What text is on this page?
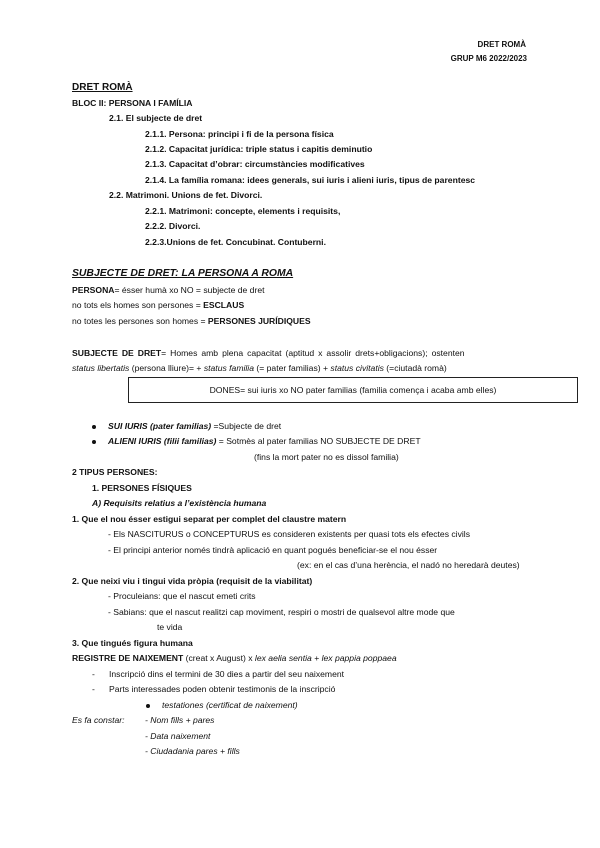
DRET ROMÀ
GRUP M6 2022/2023
DRET ROMÀ
BLOC II: PERSONA I FAMÍLIA
2.1. El subjecte de dret
2.1.1. Persona: principi i fi de la persona física
2.1.2. Capacitat jurídica: triple status i capitis deminutio
2.1.3. Capacitat d’obrar: circumstàncies modificatives
2.1.4. La família romana: idees generals, sui iuris i alieni iuris, tipus de parentesc
2.2. Matrimoni. Unions de fet. Divorci.
2.2.1. Matrimoni: concepte, elements i requisits,
2.2.2. Divorci.
2.2.3.Unions de fet. Concubinat. Contuberni.
SUBJECTE DE DRET: LA PERSONA A ROMA
PERSONA= ésser humà xo NO = subjecte de dret
no tots els homes son persones = ESCLAUS
no totes les persones son homes = PERSONES JURÍDIQUES
SUBJECTE DE DRET= Homes amb plena capacitat (aptitud x assolir drets+obligacions); ostenten
status libertatis (persona lliure)= + status familia (= pater familias) + status civitatis (=ciutadà romà)
DONES= sui iuris xo NO pater familias (familia comença i acaba amb elles)
SUI IURIS (pater familias) =Subjecte de dret
ALIENI IURIS (filii familias) = Sotmès al pater familias NO SUBJECTE DE DRET
(fins la mort pater no es dissol familia)
2 TIPUS PERSONES:
1. PERSONES FÍSIQUES
A) Requisits relatius a l’existència humana
1. Que el nou ésser estigui separat per complet del claustre matern
- Els NASCITURUS o CONCEPTURUS es consideren existents per quasi tots els efectes civils
- El principi anterior només tindrà aplicació en quant pogués beneficiar-se el nou ésser
(ex: en el cas d’una herència, el nadó no heredarà deutes)
2. Que neixi viu i tingui vida pròpia (requisit de la viabilitat)
- Proculeians: que el nascut emeti crits
- Sabians: que el nascut realitzi cap moviment, respiri o mostri de qualsevol altre mode que
te vida
3. Que tingués figura humana
REGISTRE DE NAIXEMENT (creat x August) x lex aelia sentia + lex pappia poppaea
- Inscripció dins el termini de 30 dies a partir del seu naixement
- Parts interessades poden obtenir testimonis de la inscripció
testationes (certificat de naixement)
Es fa constar: - Nom fills + pares
- Data naixement
- Ciudadania pares + fills
